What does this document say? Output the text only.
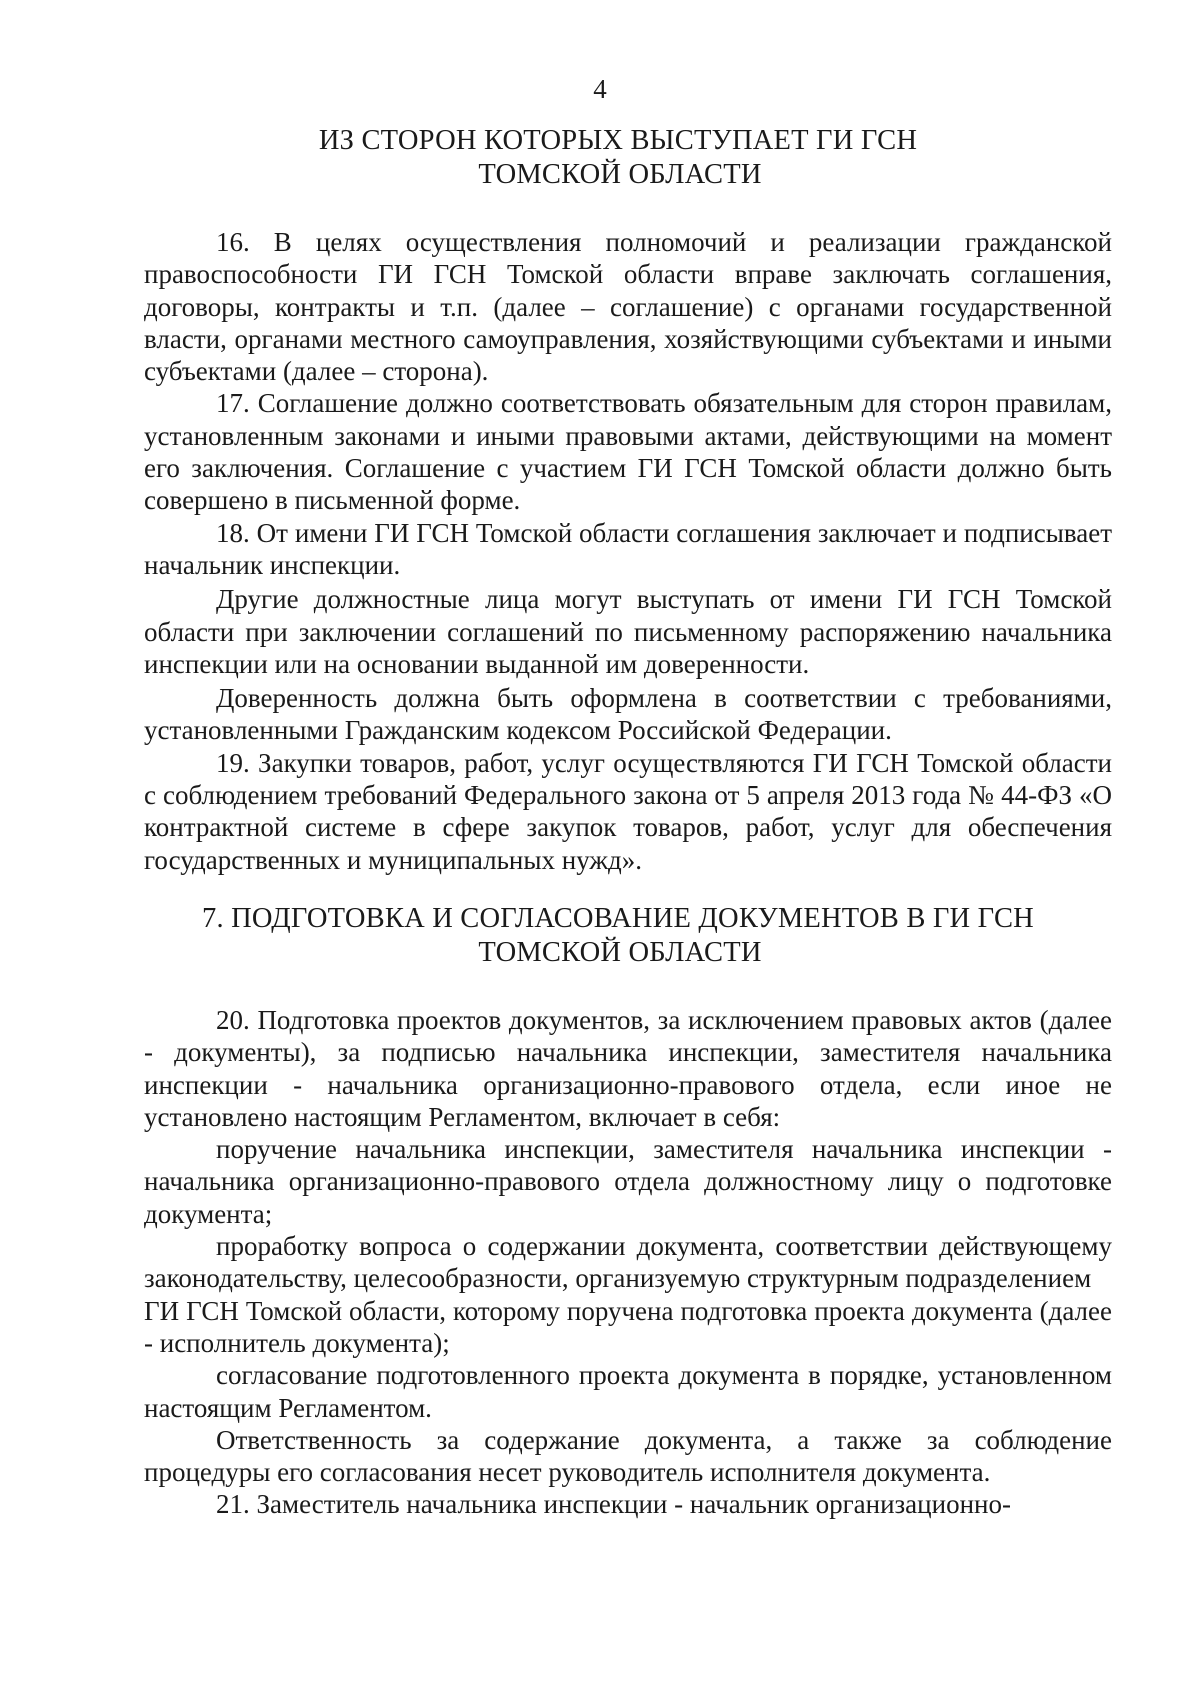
4
ИЗ СТОРОН КОТОРЫХ ВЫСТУПАЕТ ГИ ГСН
ТОМСКОЙ ОБЛАСТИ

16. В целях осуществления полномочий и реализации гражданской правоспособности ГИ ГСН Томской области вправе заключать соглашения, договоры, контракты и т.п. (далее – соглашение) с органами государственной власти, органами местного самоуправления, хозяйствующими субъектами и иными субъектами (далее – сторона).

17. Соглашение должно соответствовать обязательным для сторон правилам, установленным законами и иными правовыми актами, действующими на момент его заключения. Соглашение с участием ГИ ГСН Томской области должно быть совершено в письменной форме.

18. От имени ГИ ГСН Томской области соглашения заключает и подписывает начальник инспекции.

Другие должностные лица могут выступать от имени ГИ ГСН Томской области при заключении соглашений по письменному распоряжению начальника инспекции или на основании выданной им доверенности.

Доверенность должна быть оформлена в соответствии с требованиями, установленными Гражданским кодексом Российской Федерации.

19. Закупки товаров, работ, услуг осуществляются ГИ ГСН Томской области с соблюдением требований Федерального закона от 5 апреля 2013 года № 44-ФЗ «О контрактной системе в сфере закупок товаров, работ, услуг для обеспечения государственных и муниципальных нужд».

7. ПОДГОТОВКА И СОГЛАСОВАНИЕ ДОКУМЕНТОВ В ГИ ГСН
ТОМСКОЙ ОБЛАСТИ

20. Подготовка проектов документов, за исключением правовых актов (далее - документы), за подписью начальника инспекции, заместителя начальника инспекции - начальника организационно-правового отдела, если иное не установлено настоящим Регламентом, включает в себя:

поручение начальника инспекции, заместителя начальника инспекции - начальника организационно-правового отдела должностному лицу о подготовке документа;

проработку вопроса о содержании документа, соответствии действующему законодательству, целесообразности, организуемую структурным подразделением

ГИ ГСН Томской области, которому поручена подготовка проекта документа (далее - исполнитель документа);

согласование подготовленного проекта документа в порядке, установленном настоящим Регламентом.

Ответственность за содержание документа, а также за соблюдение процедуры его согласования несет руководитель исполнителя документа.

21. Заместитель начальника инспекции - начальник организационно-
